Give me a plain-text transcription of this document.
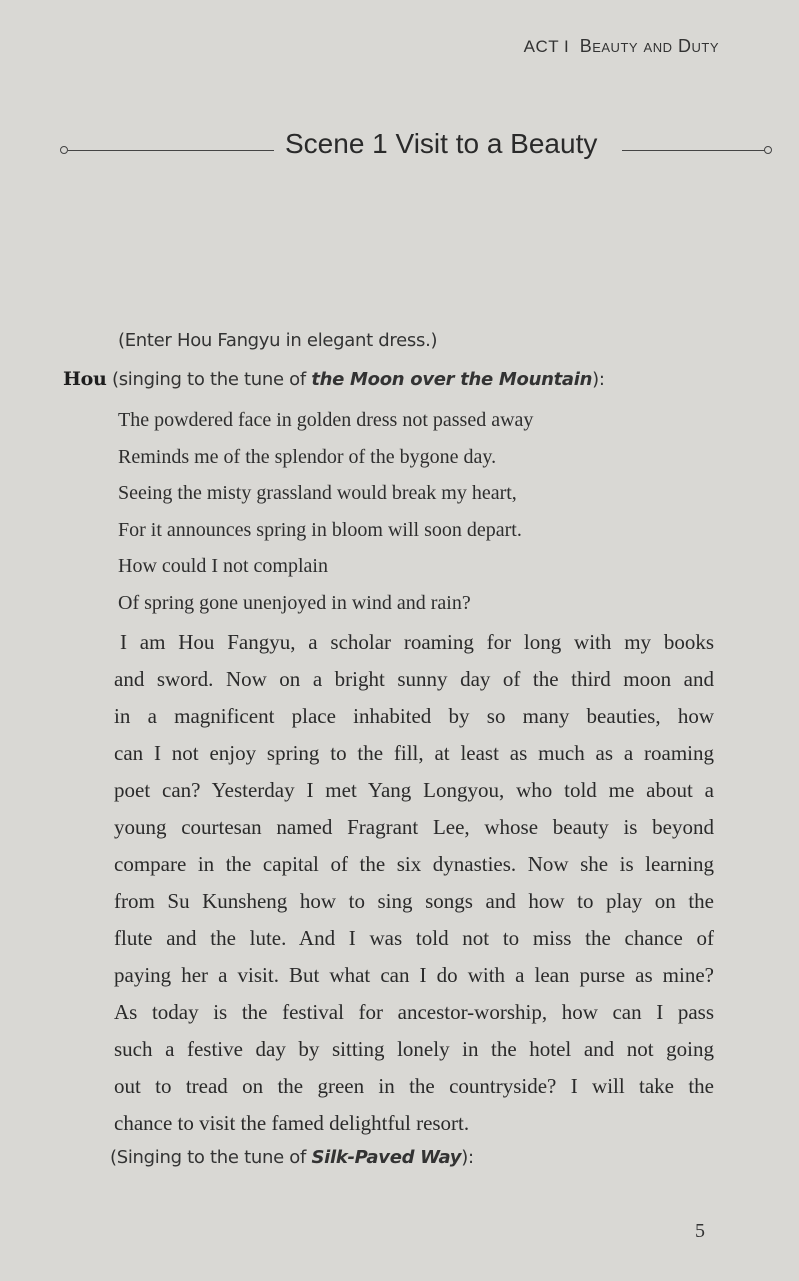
ACT I Beauty and Duty
Scene 1 Visit to a Beauty
(Enter Hou Fangyu in elegant dress.)
Hou (singing to the tune of the Moon over the Mountain):
The powdered face in golden dress not passed away
Reminds me of the splendor of the bygone day.
Seeing the misty grassland would break my heart,
For it announces spring in bloom will soon depart.
How could I not complain
Of spring gone unenjoyed in wind and rain?
I am Hou Fangyu, a scholar roaming for long with my books
and sword. Now on a bright sunny day of the third moon and
in a magnificent place inhabited by so many beauties, how
can I not enjoy spring to the fill, at least as much as a roaming
poet can? Yesterday I met Yang Longyou, who told me about a
young courtesan named Fragrant Lee, whose beauty is beyond
compare in the capital of the six dynasties. Now she is learning
from Su Kunsheng how to sing songs and how to play on the
flute and the lute. And I was told not to miss the chance of
paying her a visit. But what can I do with a lean purse as mine?
As today is the festival for ancestor-worship, how can I pass
such a festive day by sitting lonely in the hotel and not going
out to tread on the green in the countryside? I will take the
chance to visit the famed delightful resort.
(Singing to the tune of Silk-Paved Way):
5
